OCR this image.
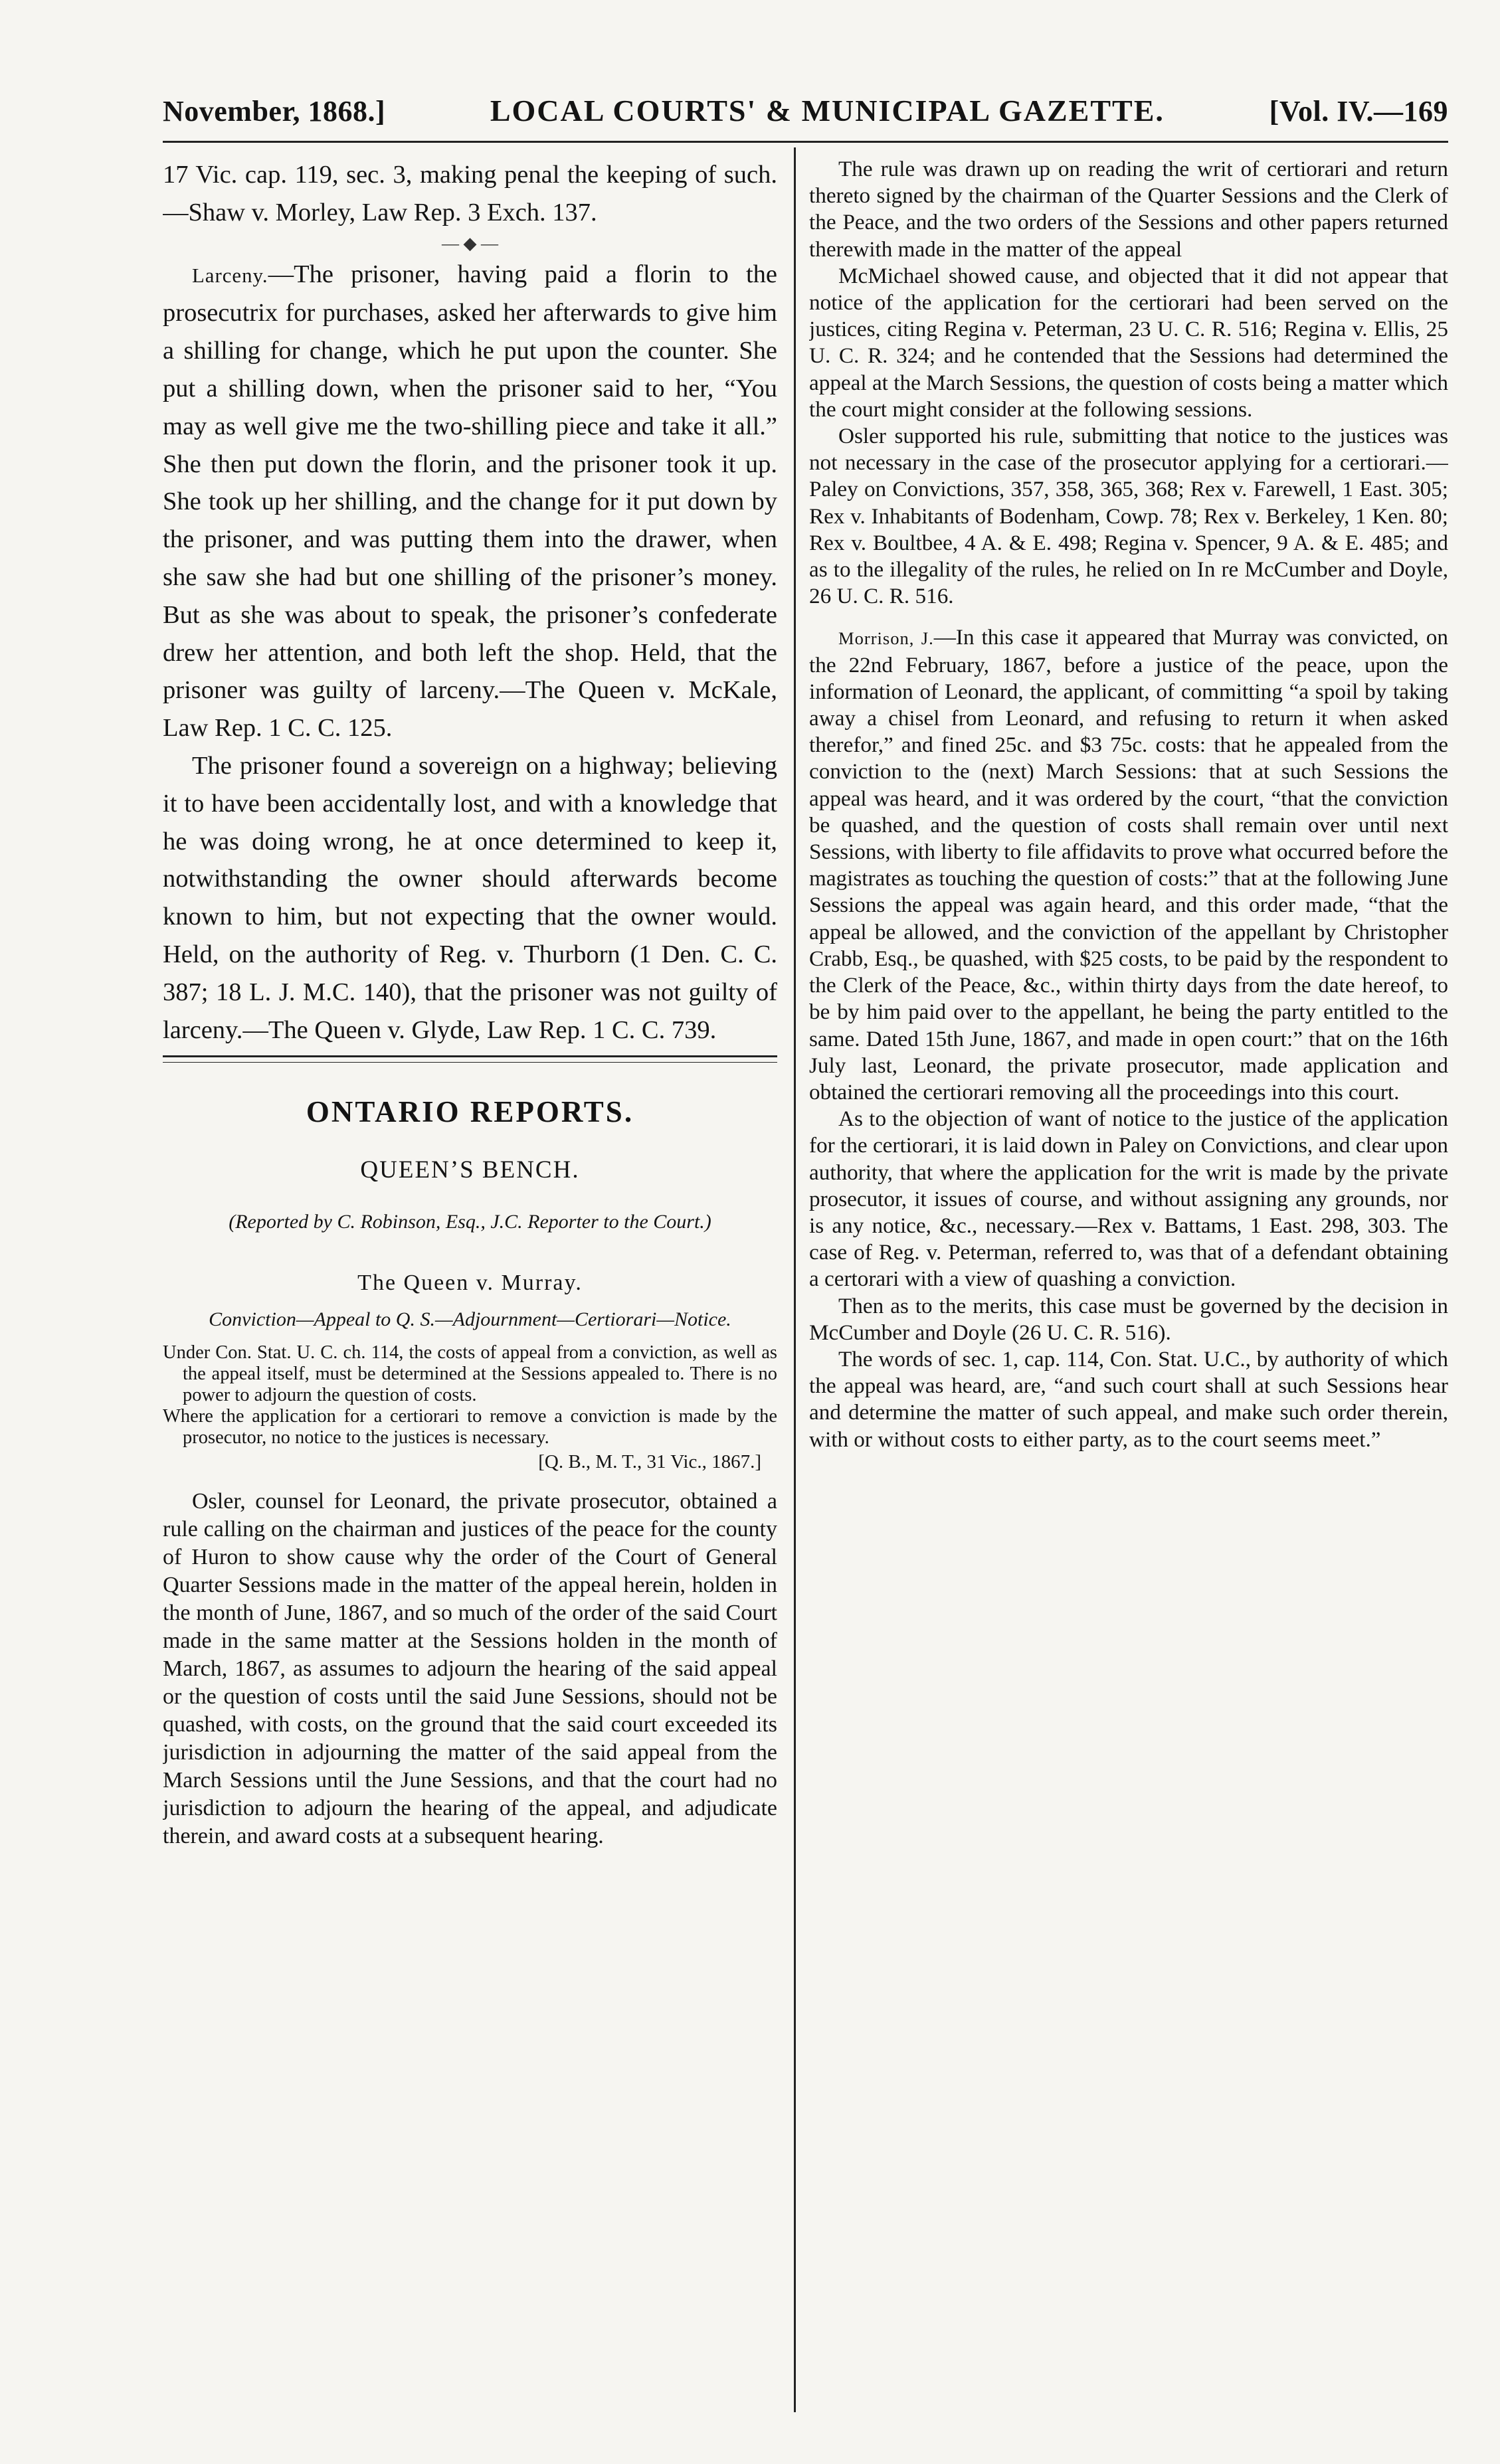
November, 1868.]	LOCAL COURTS' & MUNICIPAL GAZETTE.	[Vol. IV.—169

17 Vic. cap. 119, sec. 3, making penal the keeping of such.—Shaw v. Morley, Law Rep. 3 Exch. 137.

— ◆ —

Larceny.—The prisoner, having paid a florin to the prosecutrix for purchases, asked her afterwards to give him a shilling for change, which he put upon the counter. She put a shilling down, when the prisoner said to her, “You may as well give me the two-shilling piece and take it all.” She then put down the florin, and the prisoner took it up. She took up her shilling, and the change for it put down by the prisoner, and was putting them into the drawer, when she saw she had but one shilling of the prisoner’s money. But as she was about to speak, the prisoner’s confederate drew her attention, and both left the shop. Held, that the prisoner was guilty of larceny.—The Queen v. McKale, Law Rep. 1 C. C. 125.

The prisoner found a sovereign on a highway; believing it to have been accidentally lost, and with a knowledge that he was doing wrong, he at once determined to keep it, notwithstanding the owner should afterwards become known to him, but not expecting that the owner would. Held, on the authority of Reg. v. Thurborn (1 Den. C. C. 387; 18 L. J. M.C. 140), that the prisoner was not guilty of larceny.—The Queen v. Glyde, Law Rep. 1 C. C. 739.

ONTARIO REPORTS.
QUEEN’S BENCH.
(Reported by C. Robinson, Esq., J.C. Reporter to the Court.)
The Queen v. Murray.
Conviction—Appeal to Q. S.—Adjournment—Certiorari—Notice.

Under Con. Stat. U. C. ch. 114, the costs of appeal from a conviction, as well as the appeal itself, must be determined at the Sessions appealed to. There is no power to adjourn the question of costs.

Where the application for a certiorari to remove a conviction is made by the prosecutor, no notice to the justices is necessary.

[Q. B., M. T., 31 Vic., 1867.]

Osler, counsel for Leonard, the private prosecutor, obtained a rule calling on the chairman and justices of the peace for the county of Huron to show cause why the order of the Court of General Quarter Sessions made in the matter of the appeal herein, holden in the month of June, 1867, and so much of the order of the said Court made in the same matter at the Sessions holden in the month of March, 1867, as assumes to adjourn the hearing of the said appeal or the question of costs until the said June Sessions, should not be quashed, with costs, on the ground that the said court exceeded its jurisdiction in adjourning the matter of the said appeal from the March Sessions until the June Sessions, and that the court had no jurisdiction to adjourn the hearing of the appeal, and adjudicate therein, and award costs at a subsequent hearing.

The rule was drawn up on reading the writ of certiorari and return thereto signed by the chairman of the Quarter Sessions and the Clerk of the Peace, and the two orders of the Sessions and other papers returned therewith made in the matter of the appeal

McMichael showed cause, and objected that it did not appear that notice of the application for the certiorari had been served on the justices, citing Regina v. Peterman, 23 U. C. R. 516; Regina v. Ellis, 25 U. C. R. 324; and he contended that the Sessions had determined the appeal at the March Sessions, the question of costs being a matter which the court might consider at the following sessions.

Osler supported his rule, submitting that notice to the justices was not necessary in the case of the prosecutor applying for a certiorari.—Paley on Convictions, 357, 358, 365, 368; Rex v. Farewell, 1 East. 305; Rex v. Inhabitants of Bodenham, Cowp. 78; Rex v. Berkeley, 1 Ken. 80; Rex v. Boultbee, 4 A. & E. 498; Regina v. Spencer, 9 A. & E. 485; and as to the illegality of the rules, he relied on In re McCumber and Doyle, 26 U. C. R. 516.

Morrison, J.—In this case it appeared that Murray was convicted, on the 22nd February, 1867, before a justice of the peace, upon the information of Leonard, the applicant, of committing “a spoil by taking away a chisel from Leonard, and refusing to return it when asked therefor,” and fined 25c. and $3 75c. costs: that he appealed from the conviction to the (next) March Sessions: that at such Sessions the appeal was heard, and it was ordered by the court, “that the conviction be quashed, and the question of costs shall remain over until next Sessions, with liberty to file affidavits to prove what occurred before the magistrates as touching the question of costs:” that at the following June Sessions the appeal was again heard, and this order made, “that the appeal be allowed, and the conviction of the appellant by Christopher Crabb, Esq., be quashed, with $25 costs, to be paid by the respondent to the Clerk of the Peace, &c., within thirty days from the date hereof, to be by him paid over to the appellant, he being the party entitled to the same. Dated 15th June, 1867, and made in open court:” that on the 16th July last, Leonard, the private prosecutor, made application and obtained the certiorari removing all the proceedings into this court.

As to the objection of want of notice to the justice of the application for the certiorari, it is laid down in Paley on Convictions, and clear upon authority, that where the application for the writ is made by the private prosecutor, it issues of course, and without assigning any grounds, nor is any notice, &c., necessary.—Rex v. Battams, 1 East. 298, 303. The case of Reg. v. Peterman, referred to, was that of a defendant obtaining a certorari with a view of quashing a conviction.

Then as to the merits, this case must be governed by the decision in McCumber and Doyle (26 U. C. R. 516).

The words of sec. 1, cap. 114, Con. Stat. U.C., by authority of which the appeal was heard, are, “and such court shall at such Sessions hear and determine the matter of such appeal, and make such order therein, with or without costs to either party, as to the court seems meet.”
